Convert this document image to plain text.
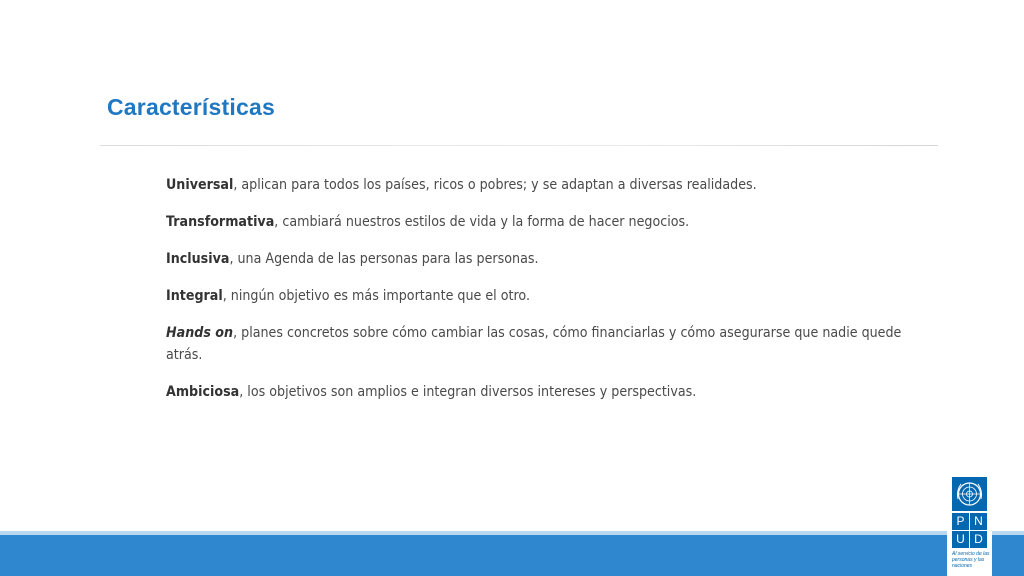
Características
Universal, aplican para todos los países, ricos o pobres; y se adaptan a diversas realidades.
Transformativa, cambiará nuestros estilos de vida y la forma de hacer negocios.
Inclusiva, una Agenda de las personas para las personas.
Integral, ningún objetivo es más importante que el otro.
Hands on, planes concretos sobre cómo cambiar las cosas, cómo financiarlas y cómo asegurarse que nadie quede atrás.
Ambiciosa, los objetivos son amplios e integran diversos intereses y perspectivas.
P N
U D
Al servicio de las personas y las naciones
